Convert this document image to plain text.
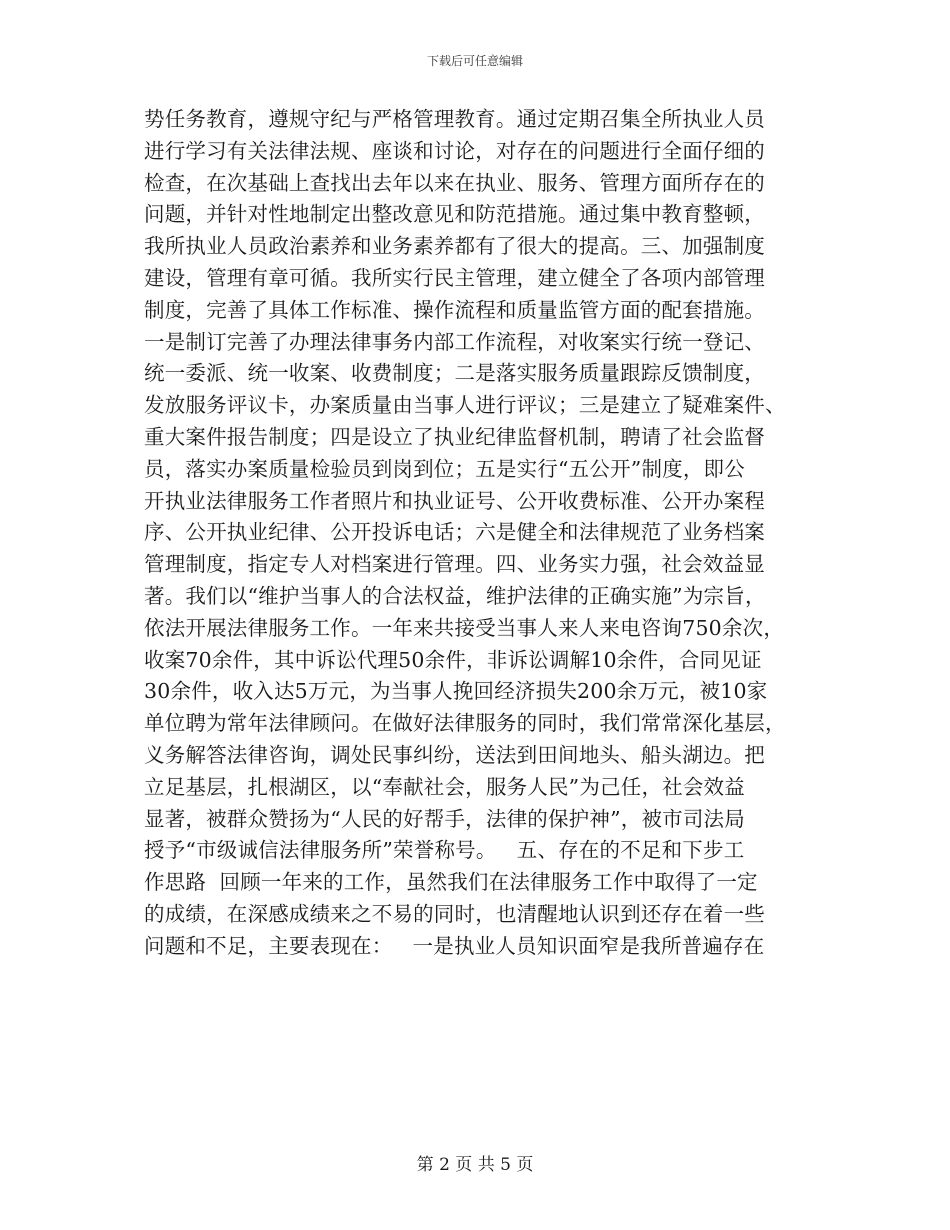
下载后可任意编辑
势任务教育，遵规守纪与严格管理教育。通过定期召集全所执业人员
进行学习有关法律法规、座谈和讨论，对存在的问题进行全面仔细的
检查，在次基础上查找出去年以来在执业、服务、管理方面所存在的
问题，并针对性地制定出整改意见和防范措施。通过集中教育整顿，
我所执业人员政治素养和业务素养都有了很大的提高。三、加强制度
建设，管理有章可循。我所实行民主管理，建立健全了各项内部管理
制度，完善了具体工作标准、操作流程和质量监管方面的配套措施。
一是制订完善了办理法律事务内部工作流程，对收案实行统一登记、
统一委派、统一收案、收费制度；二是落实服务质量跟踪反馈制度，
发放服务评议卡，办案质量由当事人进行评议；三是建立了疑难案件、
重大案件报告制度；四是设立了执业纪律监督机制，聘请了社会监督
员，落实办案质量检验员到岗到位；五是实行“五公开”制度，即公
开执业法律服务工作者照片和执业证号、公开收费标准、公开办案程
序、公开执业纪律、公开投诉电话；六是健全和法律规范了业务档案
管理制度，指定专人对档案进行管理。四、业务实力强，社会效益显
著。我们以“维护当事人的合法权益，维护法律的正确实施”为宗旨，
依法开展法律服务工作。一年来共接受当事人来人来电咨询750余次，
收案70余件，其中诉讼代理50余件，非诉讼调解10余件，合同见证
30余件，收入达5万元，为当事人挽回经济损失200余万元，被10家
单位聘为常年法律顾问。在做好法律服务的同时，我们常常深化基层，
义务解答法律咨询，调处民事纠纷，送法到田间地头、船头湖边。把
立足基层，扎根湖区，以“奉献社会，服务人民”为己任，社会效益
显著，被群众赞扬为“人民的好帮手，法律的保护神”，被市司法局
授予“市级诚信法律服务所”荣誉称号。   五、存在的不足和下步工
作思路  回顾一年来的工作，虽然我们在法律服务工作中取得了一定
的成绩，在深感成绩来之不易的同时，也清醒地认识到还存在着一些
问题和不足，主要表现在：   一是执业人员知识面窄是我所普遍存在
第 2 页 共 5 页
